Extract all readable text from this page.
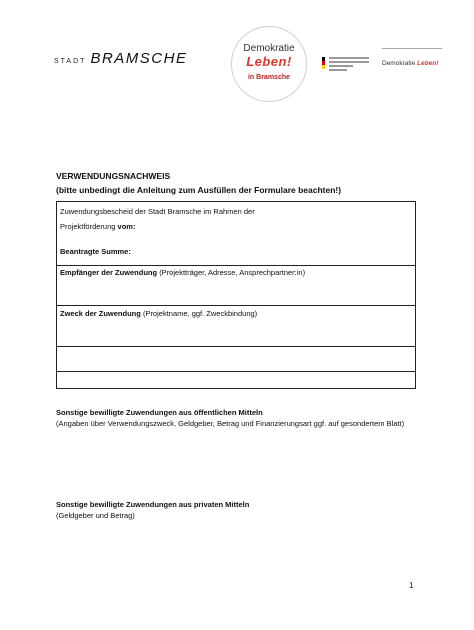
STADT BRAMSCHE
Demokratie
Leben!
in Bramsche
Demokratie Leben!
VERWENDUNGSNACHWEIS
(bitte unbedingt die Anleitung zum Ausfüllen der Formulare beachten!)
Zuwendungsbescheid der Stadt Bramsche im Rahmen der
Projektförderung vom:
Beantragte Summe:
Empfänger der Zuwendung (Projektträger, Adresse, Ansprechpartner:in)
Zweck der Zuwendung (Projektname, ggf. Zweckbindung)
Sonstige bewilligte Zuwendungen aus öffentlichen Mitteln
(Angaben über Verwendungszweck, Geldgeber, Betrag und Finanzierungsart ggf. auf gesondertem Blatt)
Sonstige bewilligte Zuwendungen aus privaten Mitteln
(Geldgeber und Betrag)
1
